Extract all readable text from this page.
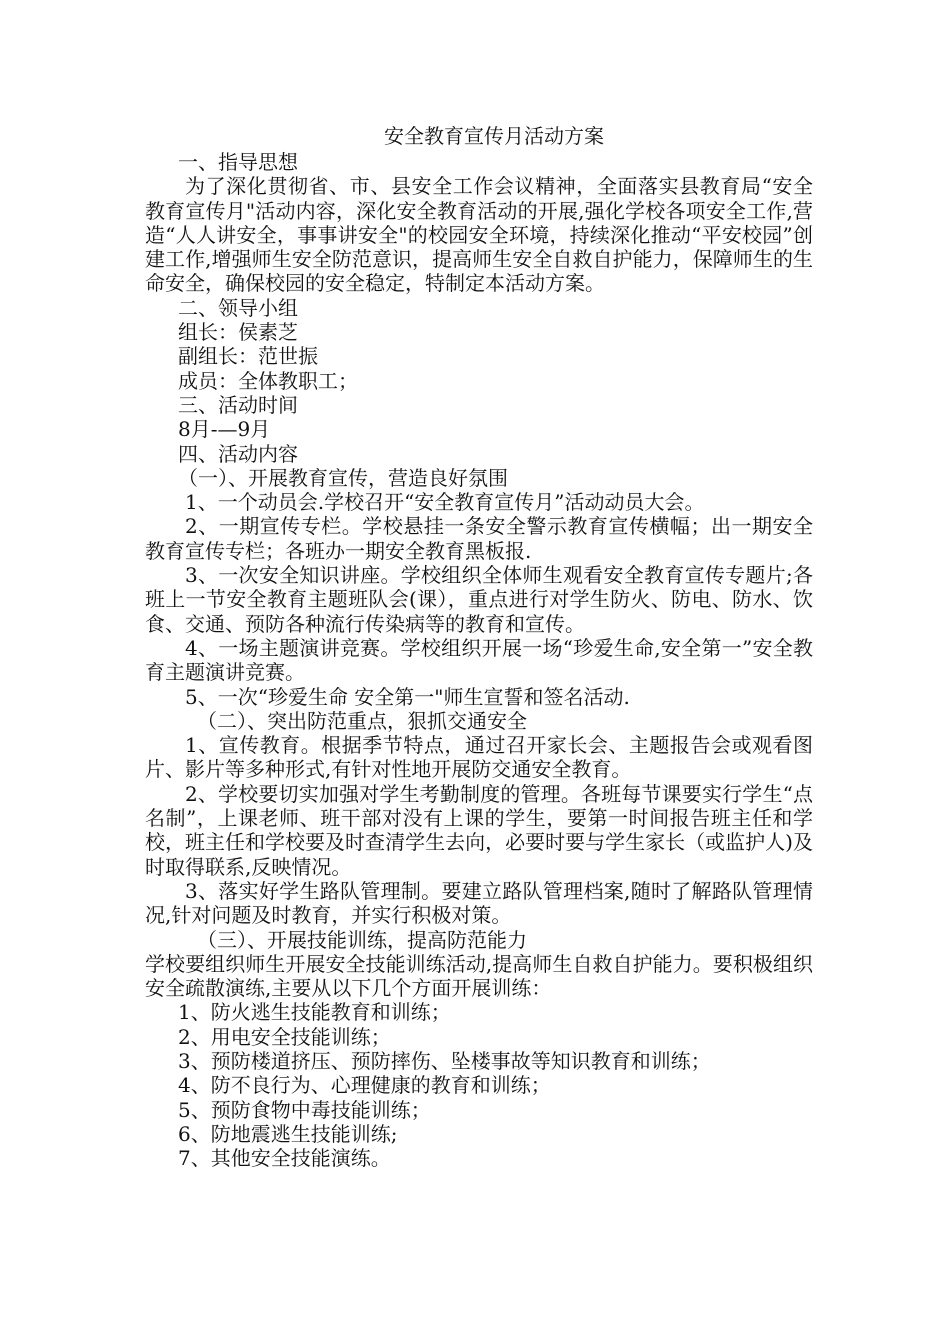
安全教育宣传月活动方案

一、指导思想

为了深化贯彻省、市、县安全工作会议精神，全面落实县教育局“安全教育宣传月"活动内容，深化安全教育活动的开展,强化学校各项安全工作,营造“人人讲安全，事事讲安全"的校园安全环境，持续深化推动“平安校园”创建工作,增强师生安全防范意识，提高师生安全自救自护能力，保障师生的生命安全，确保校园的安全稳定，特制定本活动方案。

二、领导小组

组长：侯素芝

副组长：范世振

成员：全体教职工；

三、活动时间

8月-—9月

四、活动内容

（一）、开展教育宣传，营造良好氛围

1、一个动员会.学校召开“安全教育宣传月”活动动员大会。

2、一期宣传专栏。学校悬挂一条安全警示教育宣传横幅；出一期安全教育宣传专栏；各班办一期安全教育黑板报.

3、一次安全知识讲座。学校组织全体师生观看安全教育宣传专题片;各班上一节安全教育主题班队会(课），重点进行对学生防火、防电、防水、饮食、交通、预防各种流行传染病等的教育和宣传。

4、一场主题演讲竞赛。学校组织开展一场“珍爱生命,安全第一”安全教育主题演讲竞赛。

5、一次“珍爱生命 安全第一"师生宣誓和签名活动.

（二）、突出防范重点，狠抓交通安全

1、宣传教育。根据季节特点，通过召开家长会、主题报告会或观看图片、影片等多种形式,有针对性地开展防交通安全教育。

2、学校要切实加强对学生考勤制度的管理。各班每节课要实行学生“点名制”，上课老师、班干部对没有上课的学生，要第一时间报告班主任和学校，班主任和学校要及时查清学生去向，必要时要与学生家长（或监护人)及时取得联系,反映情况。

3、落实好学生路队管理制。要建立路队管理档案,随时了解路队管理情况,针对问题及时教育，并实行积极对策。

（三）、开展技能训练，提高防范能力

学校要组织师生开展安全技能训练活动,提高师生自救自护能力。要积极组织安全疏散演练,主要从以下几个方面开展训练：

1、防火逃生技能教育和训练；

2、用电安全技能训练；

3、预防楼道挤压、预防摔伤、坠楼事故等知识教育和训练；

4、防不良行为、心理健康的教育和训练；

5、预防食物中毒技能训练；

6、防地震逃生技能训练;

7、其他安全技能演练。
